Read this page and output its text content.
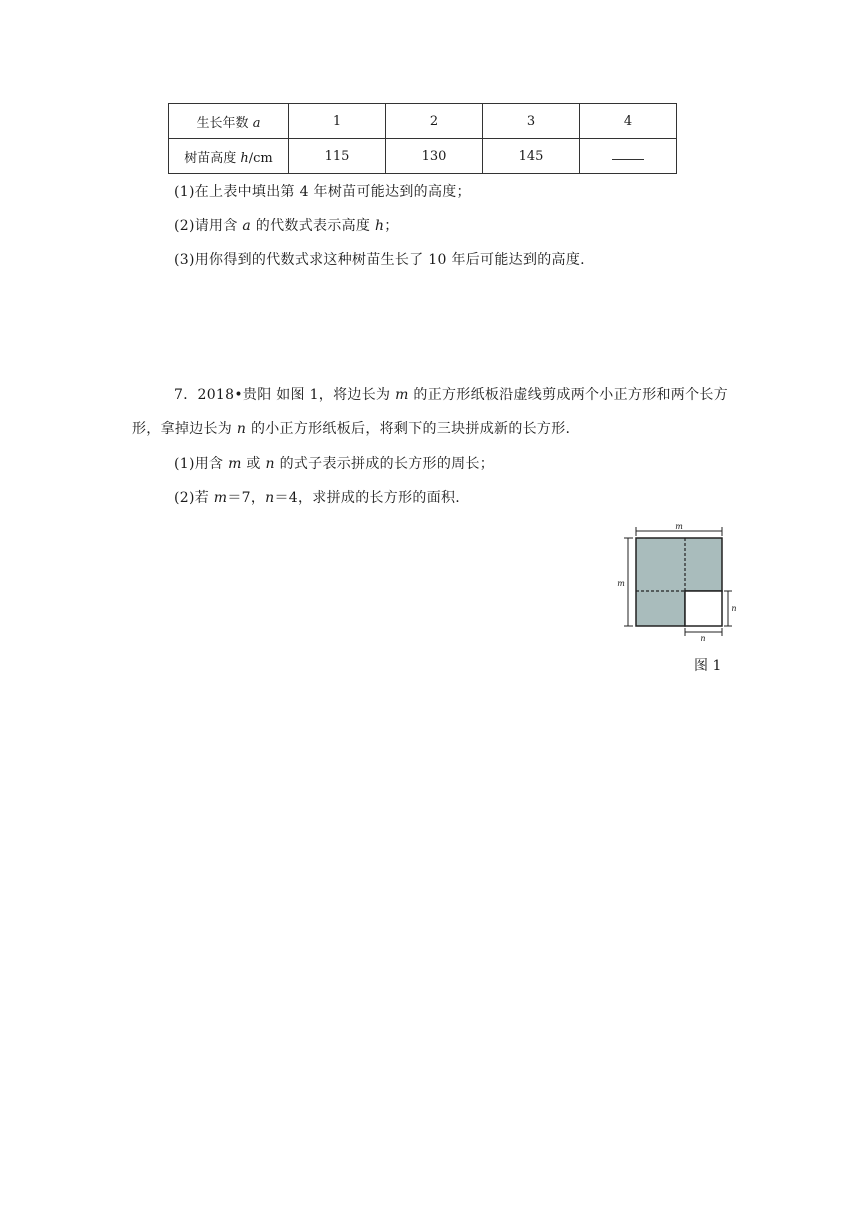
生长年数 a	1	2	3	4
树苗高度 h/cm	115	130	145	
(1)在上表中填出第 4 年树苗可能达到的高度；
(2)请用含 a 的代数式表示高度 h；
(3)用你得到的代数式求这种树苗生长了 10 年后可能达到的高度.
7．2018•贵阳 如图 1，将边长为 m 的正方形纸板沿虚线剪成两个小正方形和两个长方
形，拿掉边长为 n 的小正方形纸板后，将剩下的三块拼成新的长方形.
(1)用含 m 或 n 的式子表示拼成的长方形的周长；
(2)若 m＝7，n＝4，求拼成的长方形的面积.
m
m
n
n
图 1
